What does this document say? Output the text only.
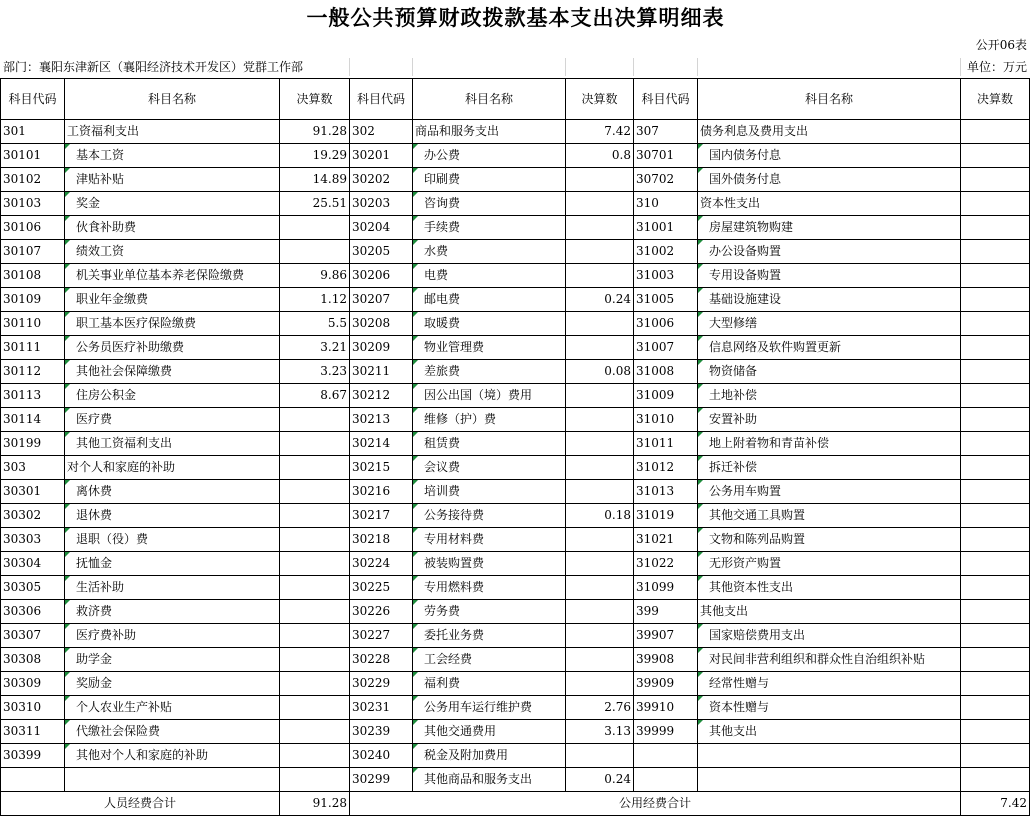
一般公共预算财政拨款基本支出决算明细表
公开06表
部门：襄阳东津新区（襄阳经济技术开发区）党群工作部	单位：万元
科目代码	科目名称	决算数	科目代码	科目名称	决算数	科目代码	科目名称	决算数
301	工资福利支出	91.28	302	商品和服务支出	7.42	307	债务利息及费用支出	
30101	基本工资	19.29	30201	办公费	0.8	30701	国内债务付息	
30102	津贴补贴	14.89	30202	印刷费		30702	国外债务付息	
30103	奖金	25.51	30203	咨询费		310	资本性支出	
30106	伙食补助费		30204	手续费		31001	房屋建筑物购建	
30107	绩效工资		30205	水费		31002	办公设备购置	
30108	机关事业单位基本养老保险缴费	9.86	30206	电费		31003	专用设备购置	
30109	职业年金缴费	1.12	30207	邮电费	0.24	31005	基础设施建设	
30110	职工基本医疗保险缴费	5.5	30208	取暖费		31006	大型修缮	
30111	公务员医疗补助缴费	3.21	30209	物业管理费		31007	信息网络及软件购置更新	
30112	其他社会保障缴费	3.23	30211	差旅费	0.08	31008	物资储备	
30113	住房公积金	8.67	30212	因公出国（境）费用		31009	土地补偿	
30114	医疗费		30213	维修（护）费		31010	安置补助	
30199	其他工资福利支出		30214	租赁费		31011	地上附着物和青苗补偿	
303	对个人和家庭的补助		30215	会议费		31012	拆迁补偿	
30301	离休费		30216	培训费		31013	公务用车购置	
30302	退休费		30217	公务接待费	0.18	31019	其他交通工具购置	
30303	退职（役）费		30218	专用材料费		31021	文物和陈列品购置	
30304	抚恤金		30224	被装购置费		31022	无形资产购置	
30305	生活补助		30225	专用燃料费		31099	其他资本性支出	
30306	救济费		30226	劳务费		399	其他支出	
30307	医疗费补助		30227	委托业务费		39907	国家赔偿费用支出	
30308	助学金		30228	工会经费		39908	对民间非营利组织和群众性自治组织补贴	
30309	奖励金		30229	福利费		39909	经常性赠与	
30310	个人农业生产补贴		30231	公务用车运行维护费	2.76	39910	资本性赠与	
30311	代缴社会保险费		30239	其他交通费用	3.13	39999	其他支出	
30399	其他对个人和家庭的补助		30240	税金及附加费用				
			30299	其他商品和服务支出	0.24			
人员经费合计		91.28	公用经费合计					7.42
